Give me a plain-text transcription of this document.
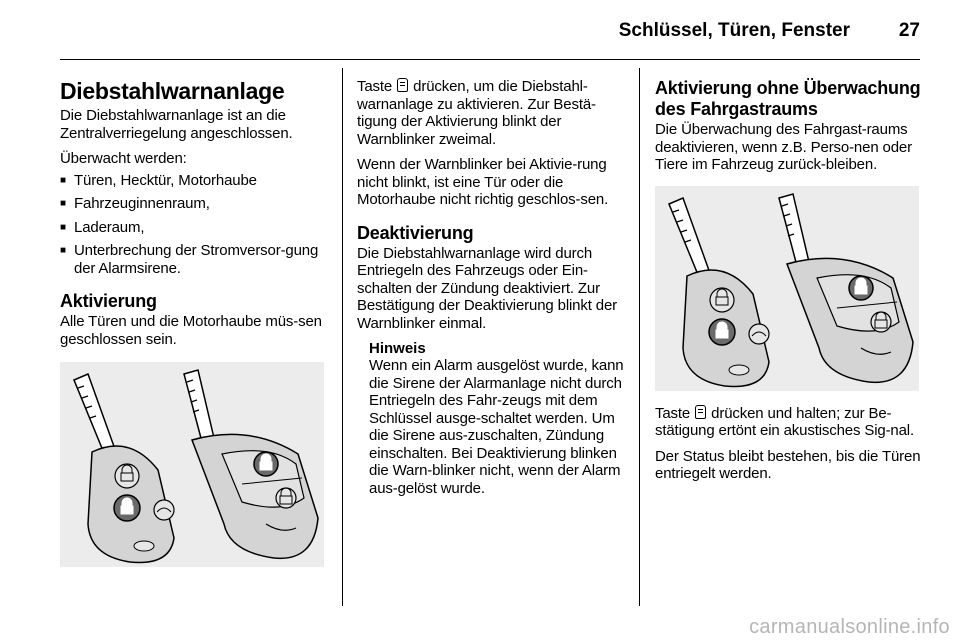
Schlüssel, Türen, Fenster	27
Diebstahlwarnanlage

Die Diebstahlwarnanlage ist an die Zentralverriegelung angeschlossen.

Überwacht werden:

■ Türen, Hecktür, Motorhaube
■ Fahrzeuginnenraum,
■ Laderaum,
■ Unterbrechung der Stromversor-gung der Alarmsirene.
Aktivierung

Alle Türen und die Motorhaube müs-sen geschlossen sein.

Taste drücken, um die Diebstahl-warnanlage zu aktivieren. Zur Bestä-tigung der Aktivierung blinkt der Warnblinker zweimal.

Wenn der Warnblinker bei Aktivie-rung nicht blinkt, ist eine Tür oder die Motorhaube nicht richtig geschlos-sen.

Deaktivierung

Die Diebstahlwarnanlage wird durch Entriegeln des Fahrzeugs oder Ein-schalten der Zündung deaktiviert. Zur Bestätigung der Deaktivierung blinkt der Warnblinker einmal.

Hinweis

Wenn ein Alarm ausgelöst wurde, kann die Sirene der Alarmanlage nicht durch Entriegeln des Fahr-zeugs mit dem Schlüssel ausge-schaltet werden. Um die Sirene aus-zuschalten, Zündung einschalten. Bei Deaktivierung blinken die Warn-blinker nicht, wenn der Alarm aus-gelöst wurde.

Aktivierung ohne Überwachung des Fahrgastraums

Die Überwachung des Fahrgast-raums deaktivieren, wenn z.B. Perso-nen oder Tiere im Fahrzeug zurück-bleiben.

Taste drücken und halten; zur Be-stätigung ertönt ein akustisches Sig-nal.

Der Status bleibt bestehen, bis die Türen entriegelt werden.

carmanualsonline.info
